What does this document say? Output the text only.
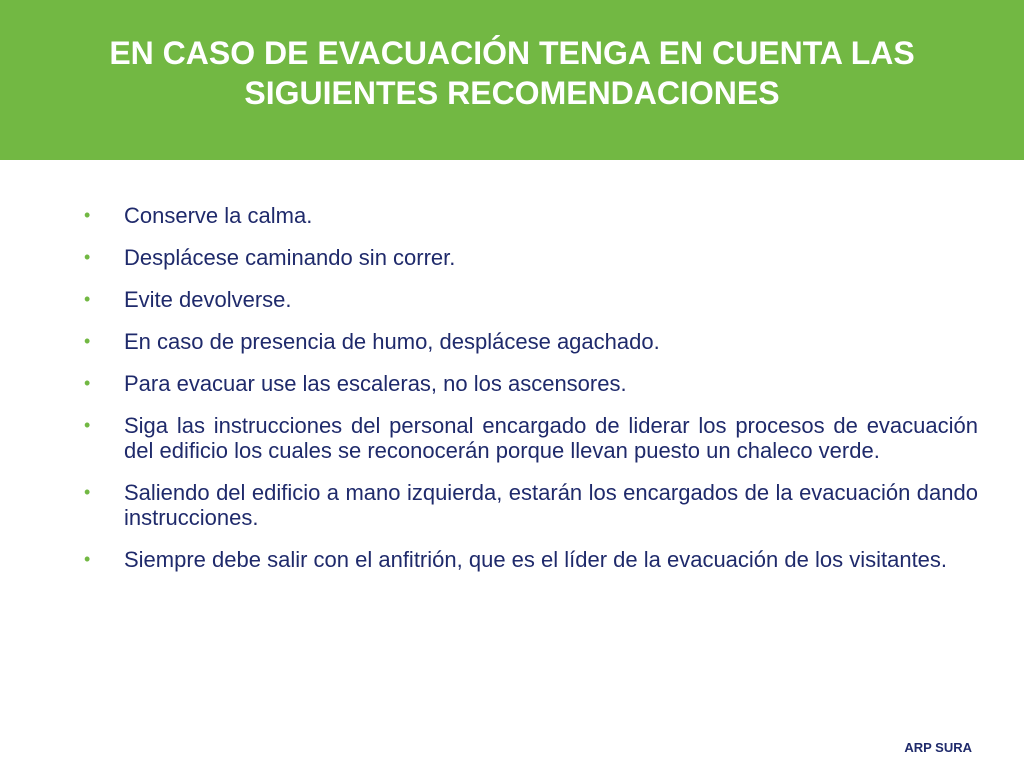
EN CASO DE EVACUACIÓN TENGA EN CUENTA LAS
SIGUIENTES RECOMENDACIONES
• Conserve la calma.
• Desplácese caminando sin correr.
• Evite devolverse.
• En caso de presencia de humo, desplácese agachado.
• Para evacuar use las escaleras, no los ascensores.
• Siga las instrucciones del personal encargado de liderar los procesos de evacuación del edificio los cuales se reconocerán porque llevan puesto un chaleco verde.
• Saliendo del edificio a mano izquierda, estarán los encargados de la evacuación dando instrucciones.
• Siempre debe salir con el anfitrión, que es el líder de la evacuación de los visitantes.
ARP SURA
